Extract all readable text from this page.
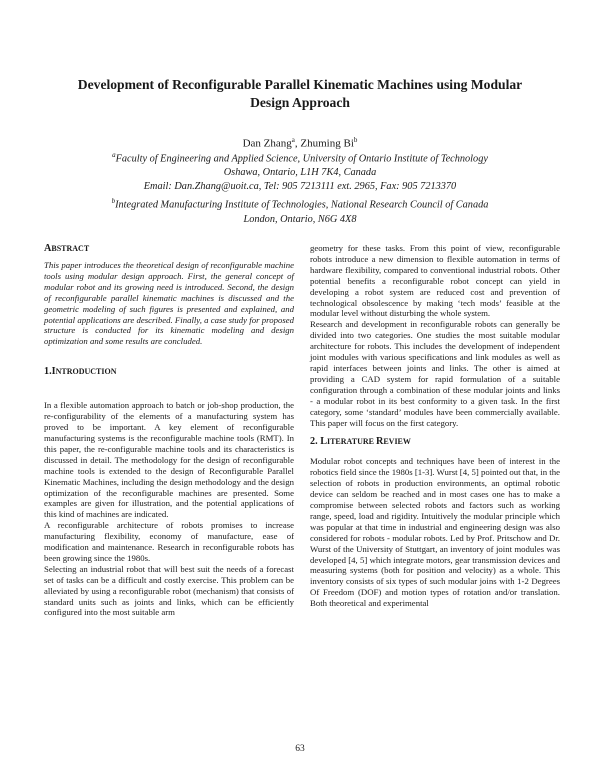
Development of Reconfigurable Parallel Kinematic Machines using Modular
Design Approach
Dan Zhang$^a$, Zhuming Bi$^b$
$^a$Faculty of Engineering and Applied Science, University of Ontario Institute of Technology
Oshawa, Ontario, L1H 7K4, Canada
Email: Dan.Zhang@uoit.ca, Tel: 905 7213111 ext. 2965, Fax: 905 7213370
$^b$Integrated Manufacturing Institute of Technologies, National Research Council of Canada
London, Ontario, N6G 4X8

ABSTRACT

This paper introduces the theoretical design of reconfigurable machine tools using modular design approach. First, the general concept of modular robot and its growing need is introduced. Second, the design of reconfigurable parallel kinematic machines is discussed and the geometric modeling of such figures is presented and explained, and potential applications are described. Finally, a case study for proposed structure is conducted for its kinematic modeling and design optimization and some results are concluded.

1.INTRODUCTION

In a flexible automation approach to batch or job-shop production, the re-configurability of the elements of a manufacturing system has proved to be important. A key element of reconfigurable manufacturing systems is the reconfigurable machine tools (RMT). In this paper, the re-configurable machine tools and its characteristics is discussed in detail. The methodology for the design of reconfigurable machine tools is extended to the design of Reconfigurable Parallel Kinematic Machines, including the design methodology and the design optimization of the reconfigurable machines are presented. Some examples are given for illustration, and the potential applications of this kind of machines are indicated.

A reconfigurable architecture of robots promises to increase manufacturing flexibility, economy of manufacture, ease of modification and maintenance. Research in reconfigurable robots has been growing since the 1980s.

Selecting an industrial robot that will best suit the needs of a forecast set of tasks can be a difficult and costly exercise. This problem can be alleviated by using a reconfigurable robot (mechanism) that consists of standard units such as joints and links, which can be efficiently configured into the most suitable arm

geometry for these tasks. From this point of view, reconfigurable robots introduce a new dimension to flexible automation in terms of hardware flexibility, compared to conventional industrial robots. Other potential benefits a reconfigurable robot concept can yield in developing a robot system are reduced cost and prevention of technological obsolescence by making ‘tech mods’ feasible at the modular level without disturbing the whole system.

Research and development in reconfigurable robots can generally be divided into two categories. One studies the most suitable modular architecture for robots. This includes the development of independent joint modules with various specifications and link modules as well as rapid interfaces between joints and links. The other is aimed at providing a CAD system for rapid formulation of a suitable configuration through a combination of these modular joints and links - a modular robot in its best conformity to a given task. In the first category, some ‘standard’ modules have been commercially available. This paper will focus on the first category.

2. LITERATURE REVIEW

Modular robot concepts and techniques have been of interest in the robotics field since the 1980s [1-3]. Wurst [4, 5] pointed out that, in the selection of robots in production environments, an optimal robotic device can seldom be reached and in most cases one has to make a compromise between selected robots and factors such as working range, speed, load and rigidity. Intuitively the modular principle which was popular at that time in industrial and engineering design was also considered for robots - modular robots. Led by Prof. Pritschow and Dr. Wurst of the University of Stuttgart, an inventory of joint modules was developed [4, 5] which integrate motors, gear transmission devices and measuring systems (both for position and velocity) as a whole. This inventory consists of six types of such modular joins with 1-2 Degrees Of Freedom (DOF) and motion types of rotation and/or translation. Both theoretical and experimental

63
